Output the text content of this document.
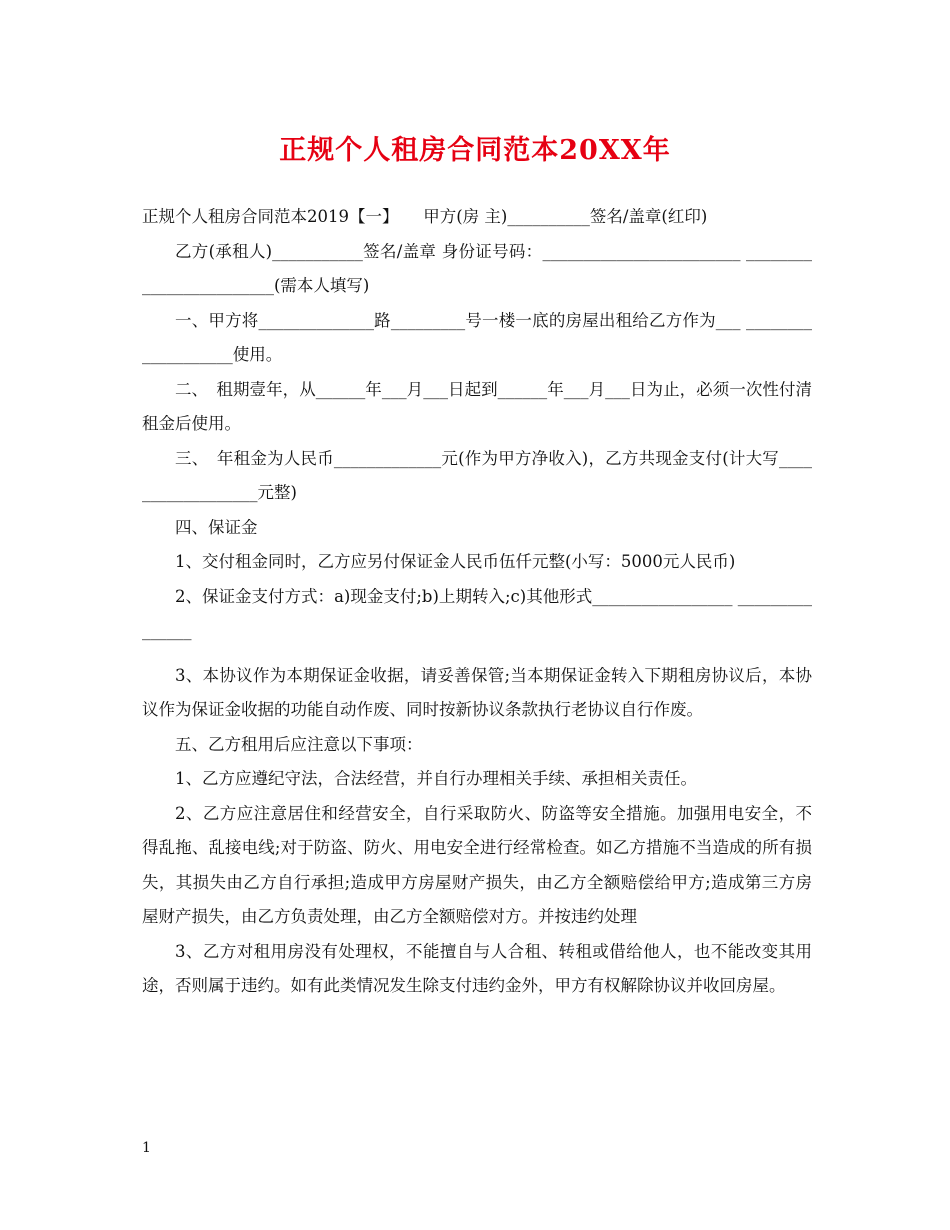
正规个人租房合同范本20XX年

正规个人租房合同范本2019【一】　　甲方(房 主)__________签名/盖章(红印)

乙方(承租人)___________签名/盖章 身份证号码：________________________ ________________________(需本人填写)

一、甲方将______________路_________号一楼一底的房屋出租给乙方作为___ ___________________使用。

二、　租期壹年，从______年___月___日起到______年___月___日为止，必须一次性付清租金后使用。

三、　年租金为人民币_____________元(作为甲方净收入)，乙方共现金支付(计大写__________________元整)

四、保证金

1、交付租金同时，乙方应另付保证金人民币伍仟元整(小写：5000元人民币)

2、保证金支付方式：a)现金支付;b)上期转入;c)其他形式_________________ _______________

3、本协议作为本期保证金收据，请妥善保管;当本期保证金转入下期租房协议后，本协议作为保证金收据的功能自动作废、同时按新协议条款执行老协议自行作废。

五、乙方租用后应注意以下事项：

1、乙方应遵纪守法，合法经营，并自行办理相关手续、承担相关责任。

2、乙方应注意居住和经营安全，自行采取防火、防盗等安全措施。加强用电安全，不得乱拖、乱接电线;对于防盗、防火、用电安全进行经常检查。如乙方措施不当造成的所有损失，其损失由乙方自行承担;造成甲方房屋财产损失，由乙方全额赔偿给甲方;造成第三方房屋财产损失，由乙方负责处理，由乙方全额赔偿对方。并按违约处理

3、乙方对租用房没有处理权，不能擅自与人合租、转租或借给他人，也不能改变其用途，否则属于违约。如有此类情况发生除支付违约金外，甲方有权解除协议并收回房屋。

1
